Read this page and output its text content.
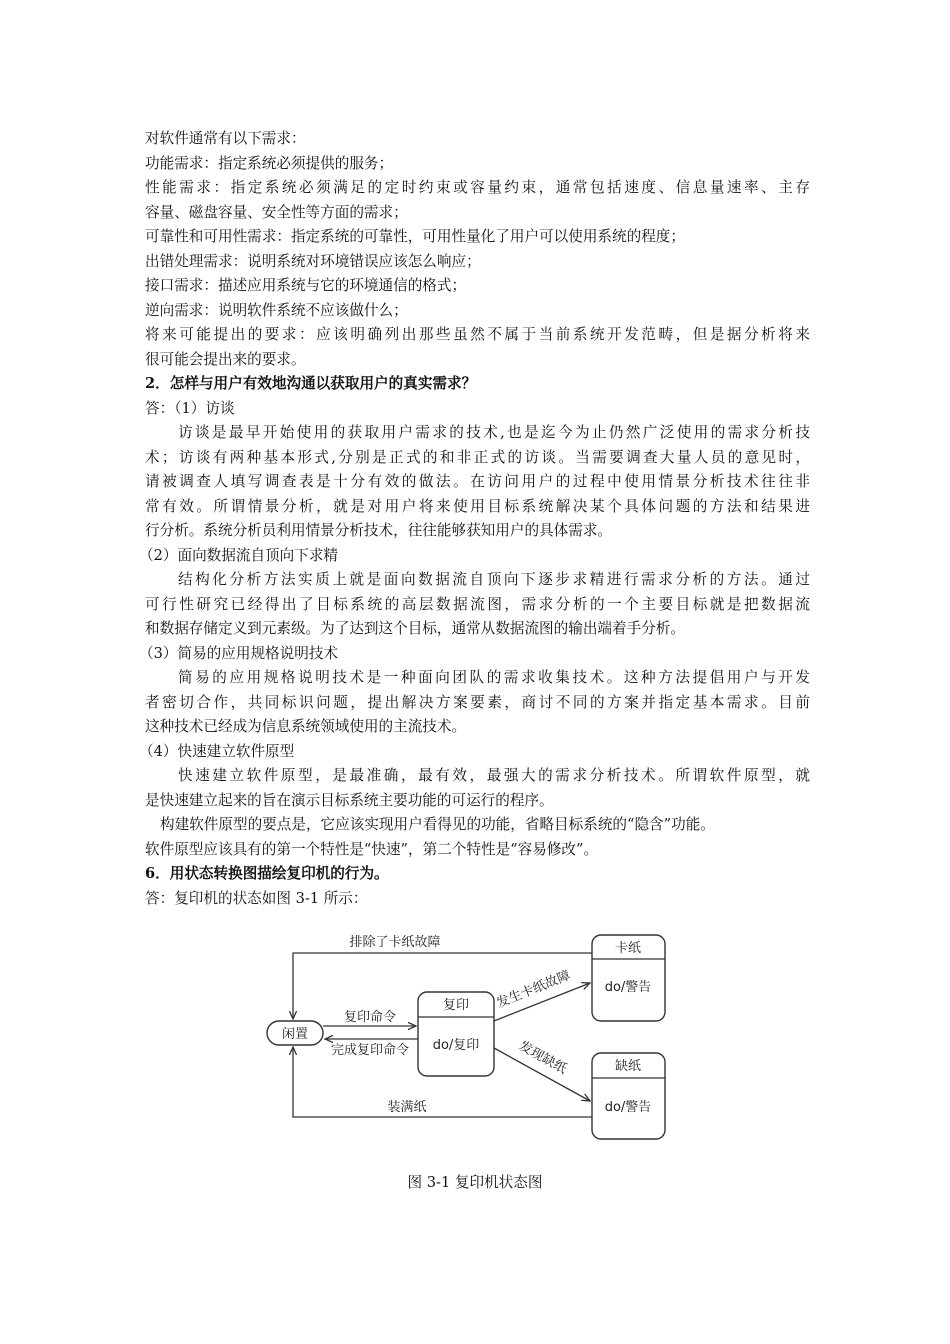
对软件通常有以下需求：
功能需求：指定系统必须提供的服务；
性能需求：指定系统必须满足的定时约束或容量约束，通常包括速度、信息量速率、主存
容量、磁盘容量、安全性等方面的需求；
可靠性和可用性需求：指定系统的可靠性，可用性量化了用户可以使用系统的程度；
出错处理需求：说明系统对环境错误应该怎么响应；
接口需求：描述应用系统与它的环境通信的格式；
逆向需求：说明软件系统不应该做什么；
将来可能提出的要求：应该明确列出那些虽然不属于当前系统开发范畴，但是据分析将来
很可能会提出来的要求。
2．怎样与用户有效地沟通以获取用户的真实需求？
答：（1）访谈
访谈是最早开始使用的获取用户需求的技术,也是迄今为止仍然广泛使用的需求分析技
术；访谈有两种基本形式,分别是正式的和非正式的访谈。当需要调查大量人员的意见时，
请被调查人填写调查表是十分有效的做法。在访问用户的过程中使用情景分析技术往往非
常有效。所谓情景分析，就是对用户将来使用目标系统解决某个具体问题的方法和结果进
行分析。系统分析员利用情景分析技术，往往能够获知用户的具体需求。
（2）面向数据流自顶向下求精
结构化分析方法实质上就是面向数据流自顶向下逐步求精进行需求分析的方法。通过
可行性研究已经得出了目标系统的高层数据流图，需求分析的一个主要目标就是把数据流
和数据存储定义到元素级。为了达到这个目标，通常从数据流图的输出端着手分析。
（3）简易的应用规格说明技术
简易的应用规格说明技术是一种面向团队的需求收集技术。这种方法提倡用户与开发
者密切合作，共同标识问题，提出解决方案要素，商讨不同的方案并指定基本需求。目前
这种技术已经成为信息系统领域使用的主流技术。
（4）快速建立软件原型
快速建立软件原型，是最准确，最有效，最强大的需求分析技术。所谓软件原型，就
是快速建立起来的旨在演示目标系统主要功能的可运行的程序。
构建软件原型的要点是，它应该实现用户看得见的功能，省略目标系统的“隐含”功能。
软件原型应该具有的第一个特性是“快速”，第二个特性是“容易修改”。
6．用状态转换图描绘复印机的行为。
答：复印机的状态如图 3-1 所示：
闲置
复印
do/复印
卡纸
do/警告
缺纸
do/警告
排除了卡纸故障
复印命令
完成复印命令
发生卡纸故障
发现缺纸
装满纸
图 3-1 复印机状态图
